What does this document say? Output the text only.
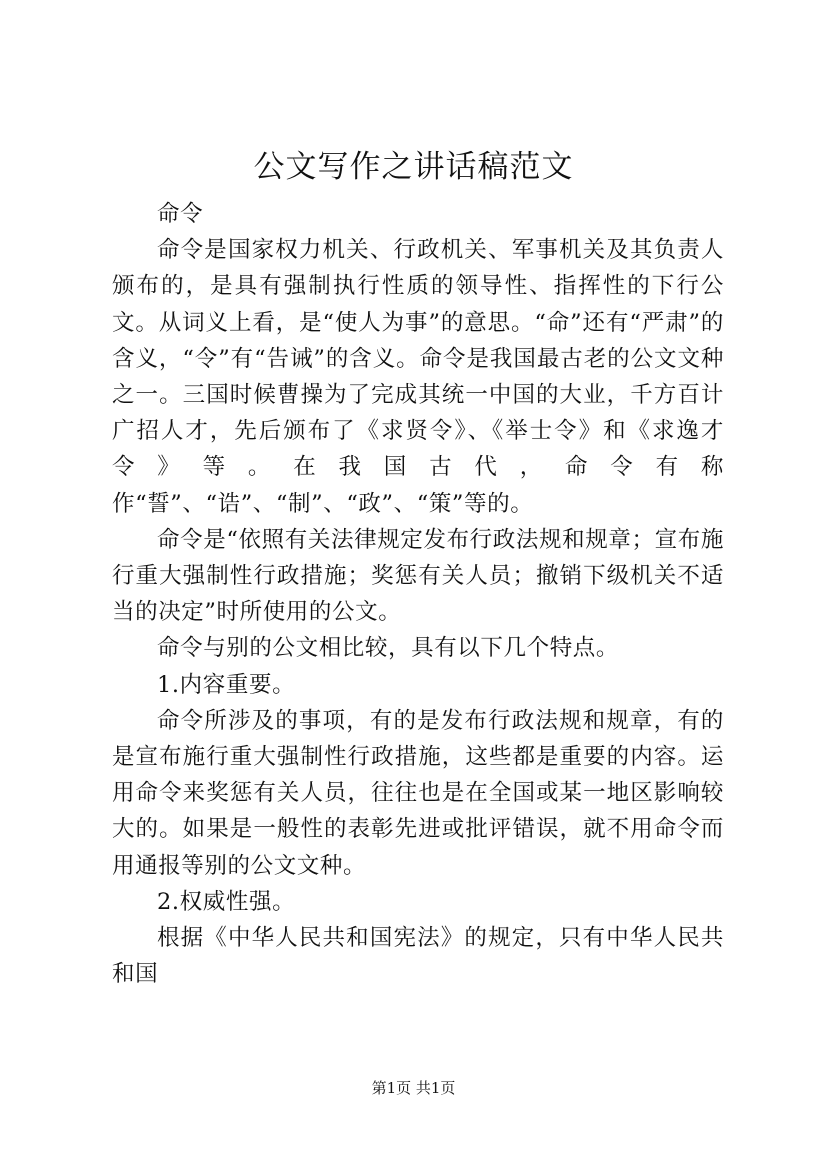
公文写作之讲话稿范文

命令

命令是国家权力机关、行政机关、军事机关及其负责人颁布的，是具有强制执行性质的领导性、指挥性的下行公文。从词义上看，是“使人为事”的意思。“命”还有“严肃”的含义，“令”有“告诫”的含义。命令是我国最古老的公文文种之一。三国时候曹操为了完成其统一中国的大业，千方百计广招人才，先后颁布了《求贤令》、《举士令》和《求逸才令》等。在我国古代，命令有称作“誓”、“诰”、“制”、“政”、“策”等的。

命令是“依照有关法律规定发布行政法规和规章；宣布施行重大强制性行政措施；奖惩有关人员；撤销下级机关不适当的决定”时所使用的公文。

命令与别的公文相比较，具有以下几个特点。

1.内容重要。

命令所涉及的事项，有的是发布行政法规和规章，有的是宣布施行重大强制性行政措施，这些都是重要的内容。运用命令来奖惩有关人员，往往也是在全国或某一地区影响较大的。如果是一般性的表彰先进或批评错误，就不用命令而用通报等别的公文文种。

2.权威性强。

根据《中华人民共和国宪法》的规定，只有中华人民共和国

第1页 共1页
